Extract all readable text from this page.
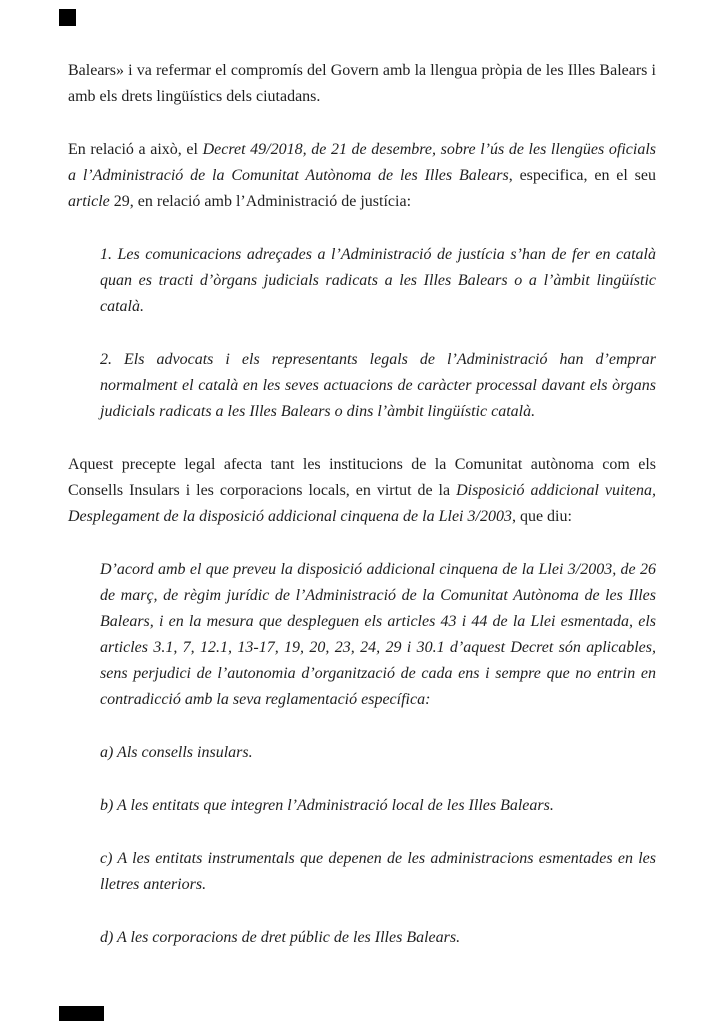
Balears» i va refermar el compromís del Govern amb la llengua pròpia de les Illes Balears i amb els drets lingüístics dels ciutadans.

En relació a això, el Decret 49/2018, de 21 de desembre, sobre l’ús de les llengües oficials a l’Administració de la Comunitat Autònoma de les Illes Balears, especifica, en el seu article 29, en relació amb l’Administració de justícia:

1. Les comunicacions adreçades a l’Administració de justícia s’han de fer en català quan es tracti d’òrgans judicials radicats a les Illes Balears o a l’àmbit lingüístic català.

2. Els advocats i els representants legals de l’Administració han d’emprar normalment el català en les seves actuacions de caràcter processal davant els òrgans judicials radicats a les Illes Balears o dins l’àmbit lingüístic català.

Aquest precepte legal afecta tant les institucions de la Comunitat autònoma com els Consells Insulars i les corporacions locals, en virtut de la Disposició addicional vuitena, Desplegament de la disposició addicional cinquena de la Llei 3/2003, que diu:

D’acord amb el que preveu la disposició addicional cinquena de la Llei 3/2003, de 26 de març, de règim jurídic de l’Administració de la Comunitat Autònoma de les Illes Balears, i en la mesura que despleguen els articles 43 i 44 de la Llei esmentada, els articles 3.1, 7, 12.1, 13-17, 19, 20, 23, 24, 29 i 30.1 d’aquest Decret són aplicables, sens perjudici de l’autonomia d’organització de cada ens i sempre que no entrin en contradicció amb la seva reglamentació específica:

a) Als consells insulars.

b) A les entitats que integren l’Administració local de les Illes Balears.

c) A les entitats instrumentals que depenen de les administracions esmentades en les lletres anteriors.

d) A les corporacions de dret públic de les Illes Balears.
